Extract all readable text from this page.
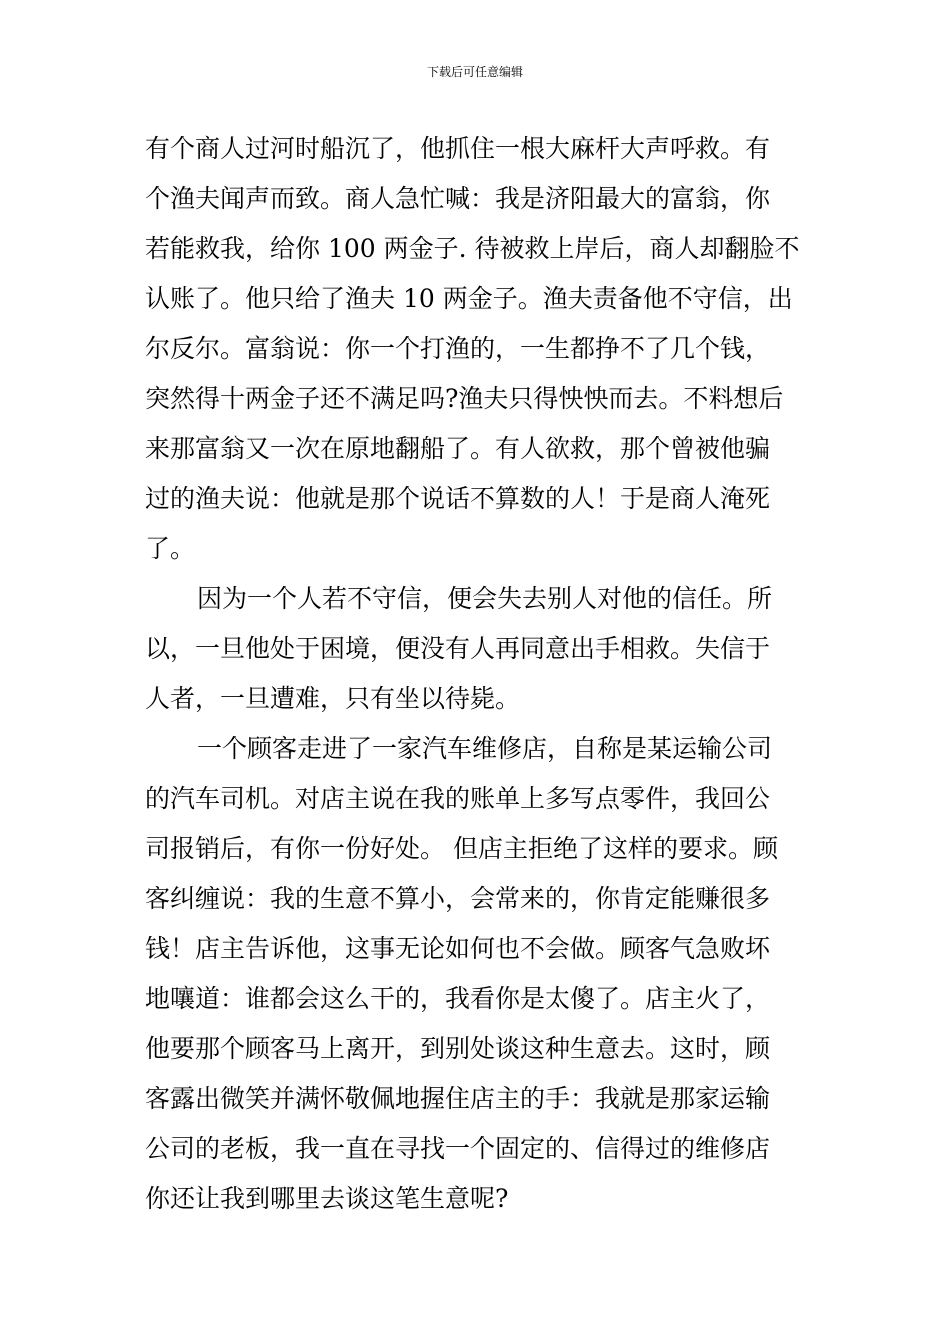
下载后可任意编辑
有个商人过河时船沉了，他抓住一根大麻杆大声呼救。有
个渔夫闻声而致。商人急忙喊：我是济阳最大的富翁，你
若能救我，给你 100 两金子. 待被救上岸后，商人却翻脸不
认账了。他只给了渔夫 10 两金子。渔夫责备他不守信，出
尔反尔。富翁说：你一个打渔的，一生都挣不了几个钱，
突然得十两金子还不满足吗?渔夫只得怏怏而去。不料想后
来那富翁又一次在原地翻船了。有人欲救，那个曾被他骗
过的渔夫说：他就是那个说话不算数的人！于是商人淹死
了。
因为一个人若不守信，便会失去别人对他的信任。所
以，一旦他处于困境，便没有人再同意出手相救。失信于
人者，一旦遭难，只有坐以待毙。
一个顾客走进了一家汽车维修店，自称是某运输公司
的汽车司机。对店主说在我的账单上多写点零件，我回公
司报销后，有你一份好处。 但店主拒绝了这样的要求。顾
客纠缠说：我的生意不算小，会常来的，你肯定能赚很多
钱！店主告诉他，这事无论如何也不会做。顾客气急败坏
地嚷道：谁都会这么干的，我看你是太傻了。店主火了，
他要那个顾客马上离开，到别处谈这种生意去。这时，顾
客露出微笑并满怀敬佩地握住店主的手：我就是那家运输
公司的老板，我一直在寻找一个固定的、信得过的维修店
你还让我到哪里去谈这笔生意呢?
